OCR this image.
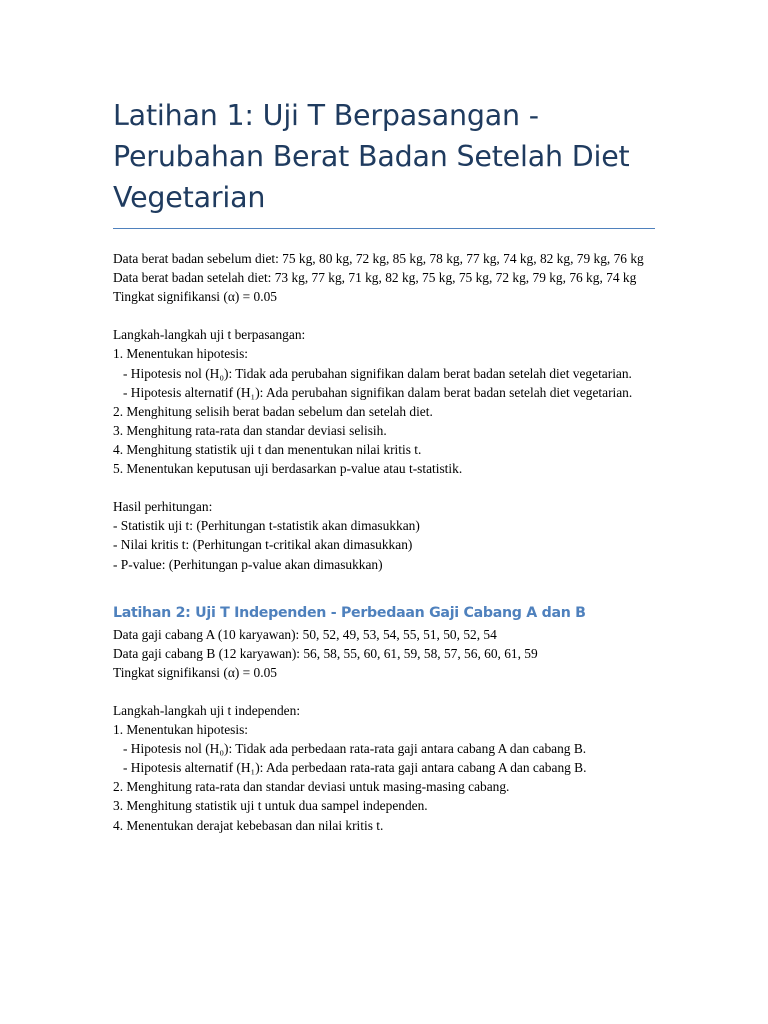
Latihan 1: Uji T Berpasangan - Perubahan Berat Badan Setelah Diet Vegetarian

Data berat badan sebelum diet: 75 kg, 80 kg, 72 kg, 85 kg, 78 kg, 77 kg, 74 kg, 82 kg, 79 kg, 76 kg

Data berat badan setelah diet: 73 kg, 77 kg, 71 kg, 82 kg, 75 kg, 75 kg, 72 kg, 79 kg, 76 kg, 74 kg

Tingkat signifikansi (α) = 0.05

Langkah-langkah uji t berpasangan:

1. Menentukan hipotesis:

- Hipotesis nol (H₀): Tidak ada perubahan signifikan dalam berat badan setelah diet vegetarian.

- Hipotesis alternatif (H₁): Ada perubahan signifikan dalam berat badan setelah diet vegetarian.

2. Menghitung selisih berat badan sebelum dan setelah diet.

3. Menghitung rata-rata dan standar deviasi selisih.

4. Menghitung statistik uji t dan menentukan nilai kritis t.

5. Menentukan keputusan uji berdasarkan p-value atau t-statistik.

Hasil perhitungan:

- Statistik uji t: (Perhitungan t-statistik akan dimasukkan)

- Nilai kritis t: (Perhitungan t-critikal akan dimasukkan)

- P-value: (Perhitungan p-value akan dimasukkan)

Latihan 2: Uji T Independen - Perbedaan Gaji Cabang A dan B

Data gaji cabang A (10 karyawan): 50, 52, 49, 53, 54, 55, 51, 50, 52, 54

Data gaji cabang B (12 karyawan): 56, 58, 55, 60, 61, 59, 58, 57, 56, 60, 61, 59

Tingkat signifikansi (α) = 0.05

Langkah-langkah uji t independen:

1. Menentukan hipotesis:

- Hipotesis nol (H₀): Tidak ada perbedaan rata-rata gaji antara cabang A dan cabang B.

- Hipotesis alternatif (H₁): Ada perbedaan rata-rata gaji antara cabang A dan cabang B.

2. Menghitung rata-rata dan standar deviasi untuk masing-masing cabang.

3. Menghitung statistik uji t untuk dua sampel independen.

4. Menentukan derajat kebebasan dan nilai kritis t.
